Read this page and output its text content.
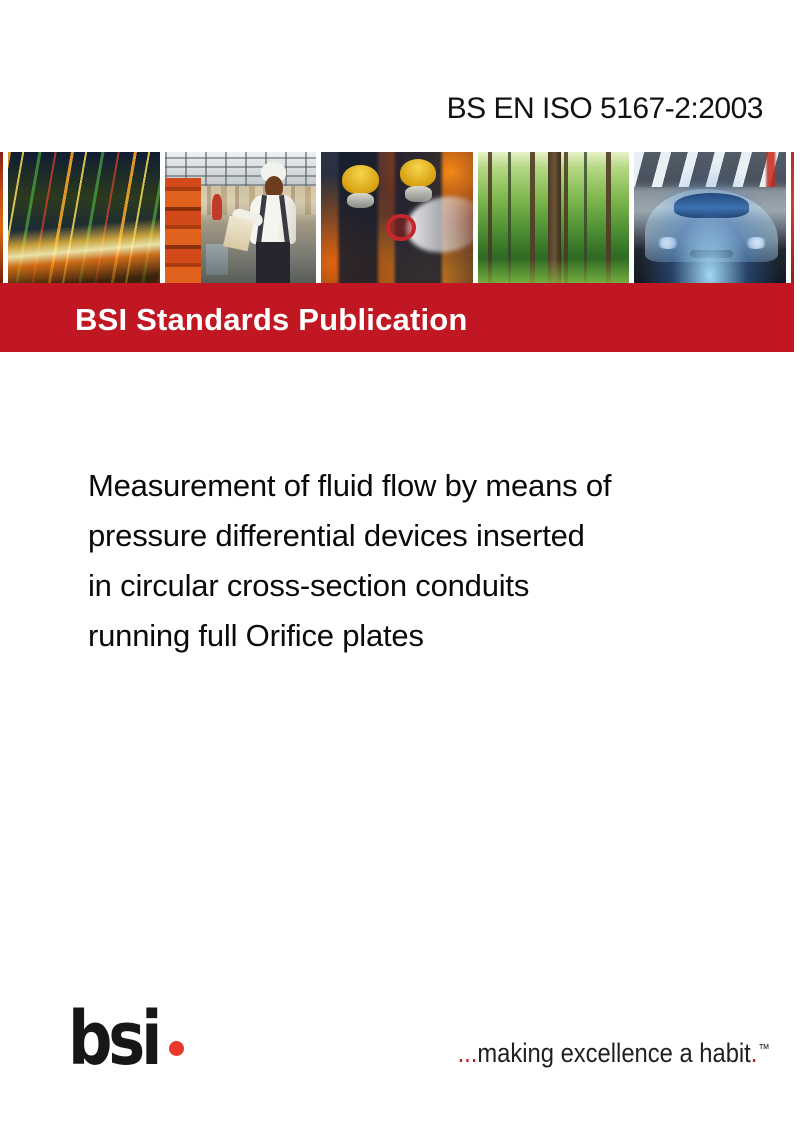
BS EN ISO 5167-2:2003
BSI Standards Publication
Measurement of fluid flow by means of
pressure differential devices inserted
in circular cross-section conduits
running full Orifice plates
bsi	...making excellence a habit.™
